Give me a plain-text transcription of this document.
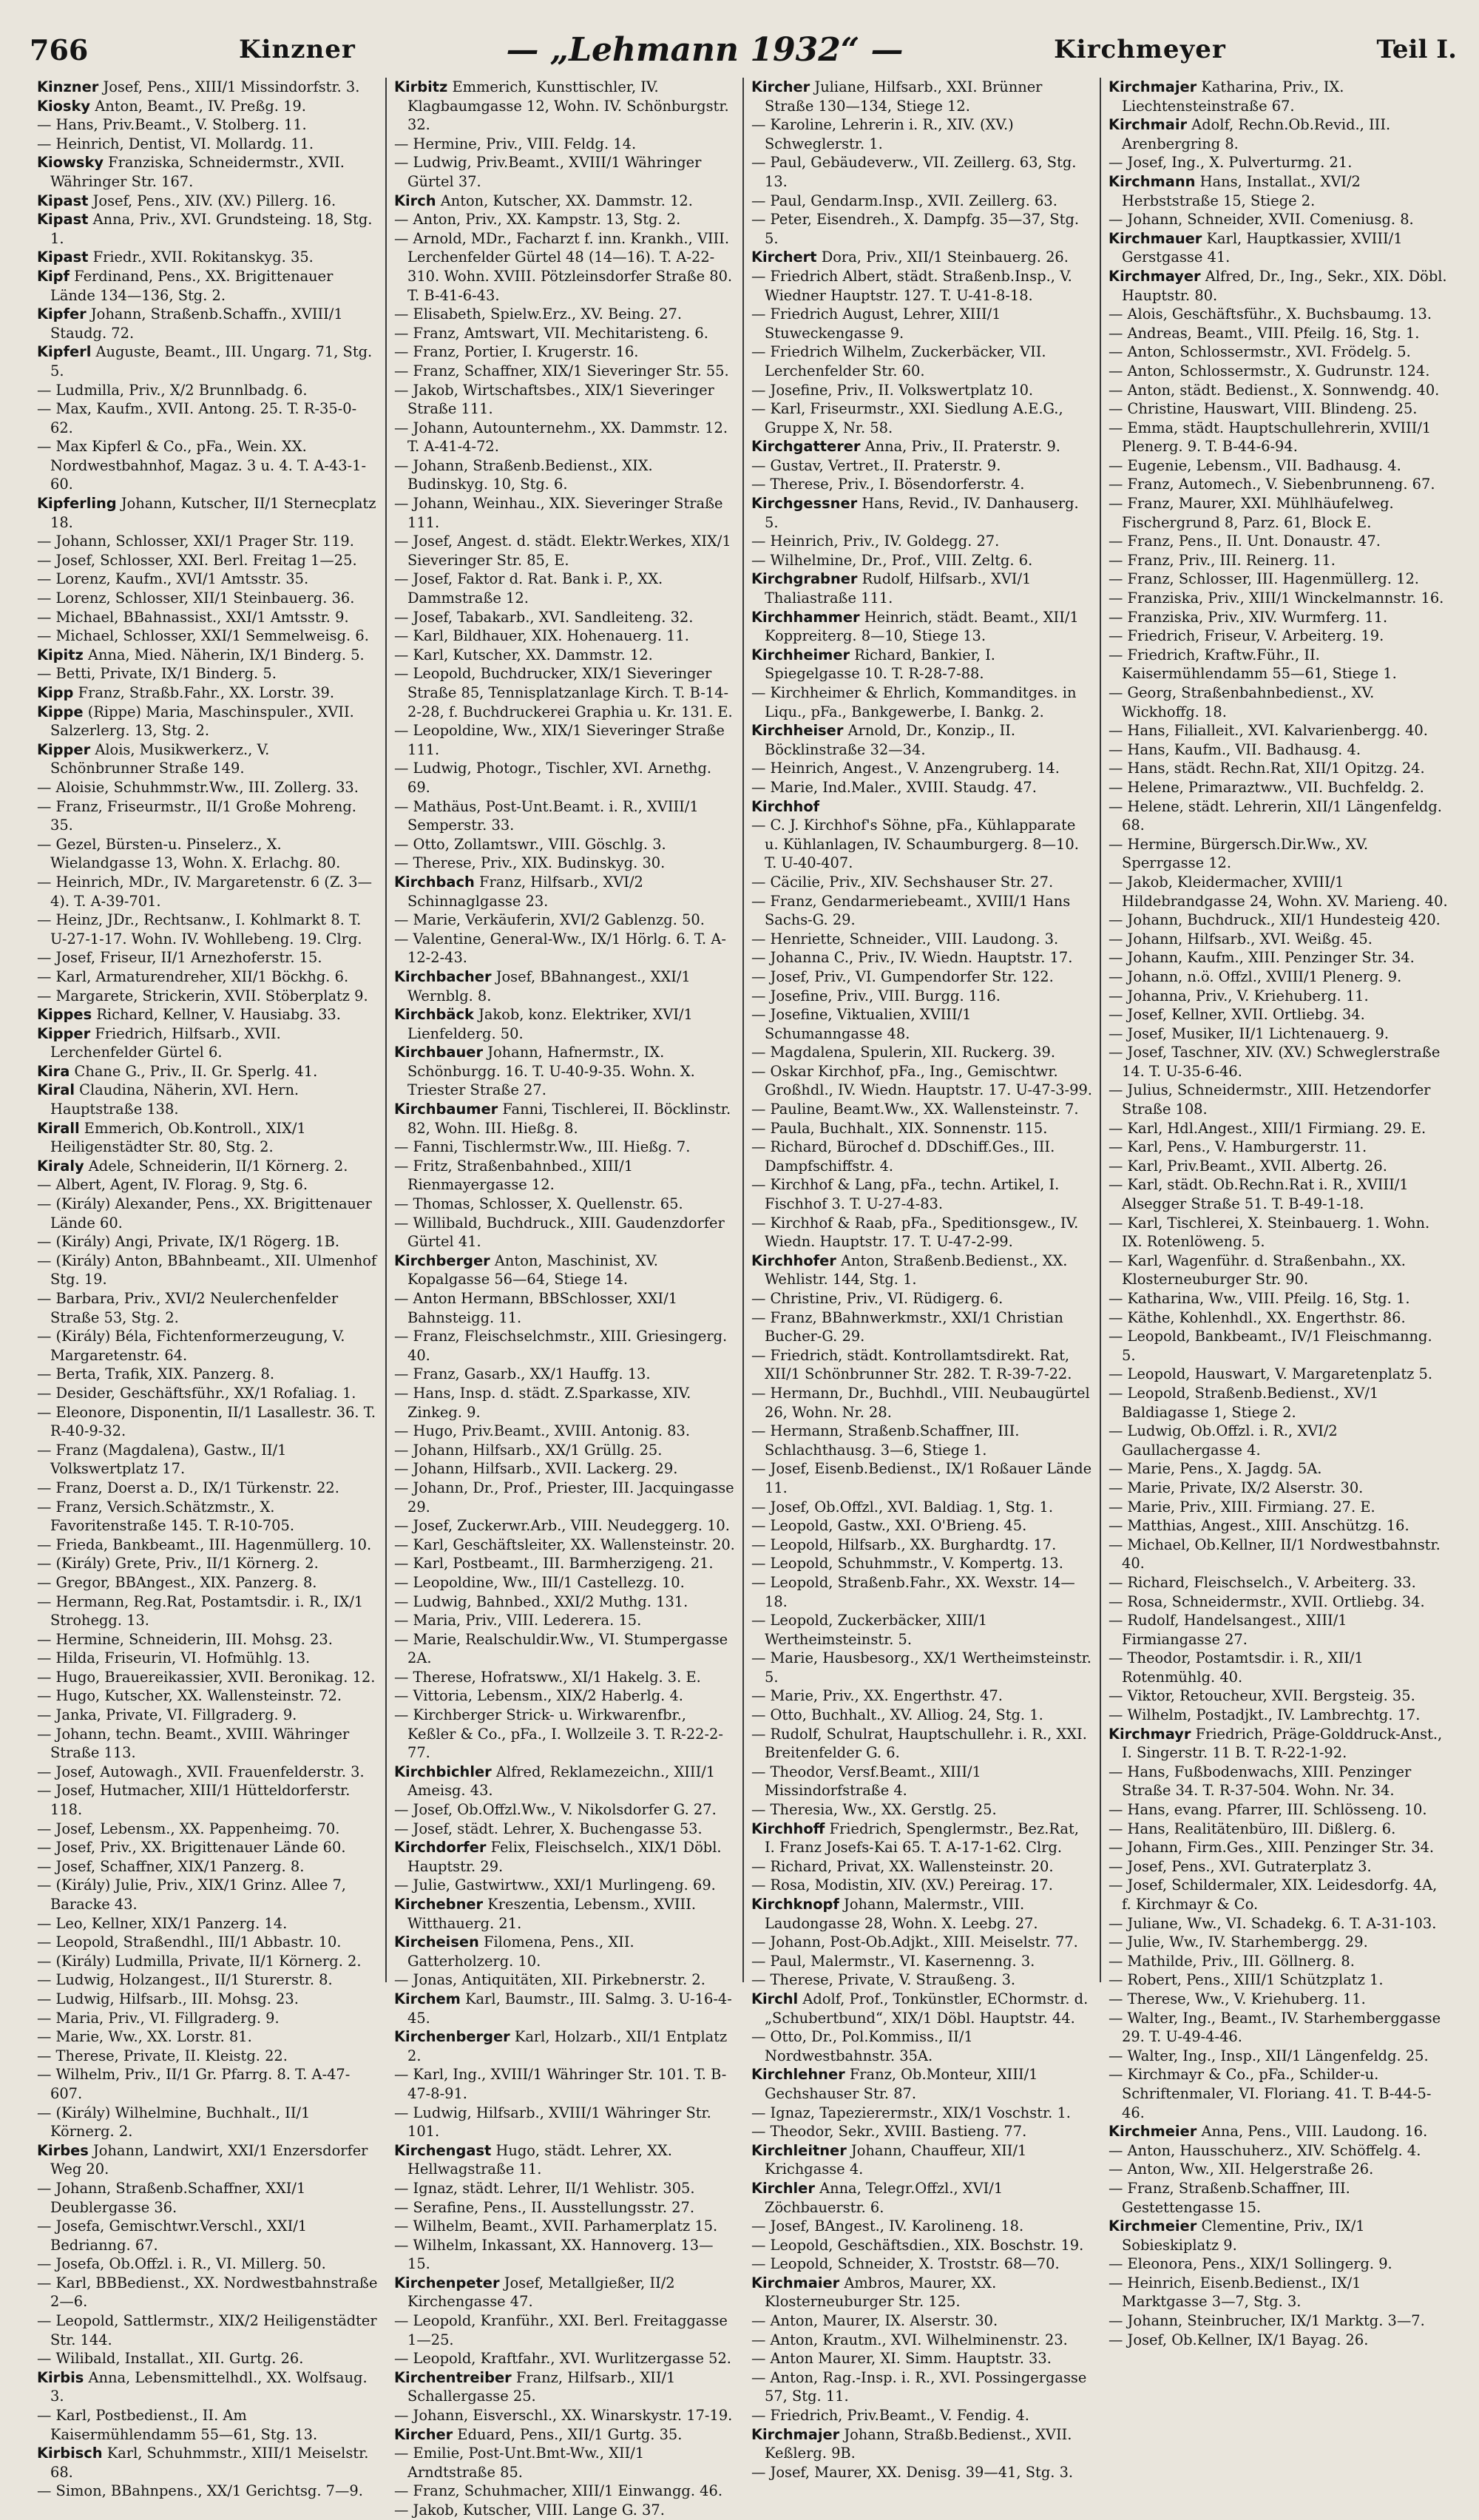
766	Kinzner	— „Lehmann 1932“ —	Kirchmeyer	Teil I.

Kinzner Josef, Pens., XIII/1 Missindorfstr. 3.

Kiosky Anton, Beamt., IV. Preßg. 19.

— Hans, Priv.Beamt., V. Stolberg. 11.

— Heinrich, Dentist, VI. Mollardg. 11.

Kiowsky Franziska, Schneidermstr., XVII. Währinger Str. 167.

Kipast Josef, Pens., XIV. (XV.) Pillerg. 16.

Kipast Anna, Priv., XVI. Grundsteing. 18, Stg. 1.

Kipast Friedr., XVII. Rokitanskyg. 35.

Kipf Ferdinand, Pens., XX. Brigittenauer Lände 134—136, Stg. 2.

Kipfer Johann, Straßenb.Schaffn., XVIII/1 Staudg. 72.

Kipferl Auguste, Beamt., III. Ungarg. 71, Stg. 5.

— Ludmilla, Priv., X/2 Brunnlbadg. 6.

— Max, Kaufm., XVII. Antong. 25. T. R-35-0-62.

— Max Kipferl & Co., pFa., Wein. XX. Nordwestbahnhof, Magaz. 3 u. 4. T. A-43-1-60.

Kipferling Johann, Kutscher, II/1 Sternecplatz 18.

— Johann, Schlosser, XXI/1 Prager Str. 119.

— Josef, Schlosser, XXI. Berl. Freitag 1—25.

— Lorenz, Kaufm., XVI/1 Amtsstr. 35.

— Lorenz, Schlosser, XII/1 Steinbauerg. 36.

— Michael, BBahnassist., XXI/1 Amtsstr. 9.

— Michael, Schlosser, XXI/1 Semmelweisg. 6.

Kipitz Anna, Mied. Näherin, IX/1 Binderg. 5.

— Betti, Private, IX/1 Binderg. 5.

Kipp Franz, Straßb.Fahr., XX. Lorstr. 39.

Kippe (Rippe) Maria, Maschinspuler., XVII. Salzerlerg. 13, Stg. 2.

Kipper Alois, Musikwerkerz., V. Schönbrunner Straße 149.

— Aloisie, Schuhmmstr.Ww., III. Zollerg. 33.

— Franz, Friseurmstr., II/1 Große Mohreng. 35.

— Gezel, Bürsten-u. Pinselerz., X. Wielandgasse 13, Wohn. X. Erlachg. 80.

— Heinrich, MDr., IV. Margaretenstr. 6 (Z. 3—4). T. A-39-701.

— Heinz, JDr., Rechtsanw., I. Kohlmarkt 8. T. U-27-1-17. Wohn. IV. Wohllebeng. 19. Clrg.

— Josef, Friseur, II/1 Arnezhoferstr. 15.

— Karl, Armaturendreher, XII/1 Böckhg. 6.

— Margarete, Strickerin, XVII. Stöberplatz 9.

Kippes Richard, Kellner, V. Hausiabg. 33.

Kipper Friedrich, Hilfsarb., XVII. Lerchenfelder Gürtel 6.

Kira Chane G., Priv., II. Gr. Sperlg. 41.

Kiral Claudina, Näherin, XVI. Hern. Hauptstraße 138.

Kirall Emmerich, Ob.Kontroll., XIX/1 Heiligenstädter Str. 80, Stg. 2.

Kiraly Adele, Schneiderin, II/1 Körnerg. 2.

— Albert, Agent, IV. Florag. 9, Stg. 6.

— (Király) Alexander, Pens., XX. Brigittenauer Lände 60.

— (Király) Angi, Private, IX/1 Rögerg. 1B.

— (Király) Anton, BBahnbeamt., XII. Ulmenhof Stg. 19.

— Barbara, Priv., XVI/2 Neulerchenfelder Straße 53, Stg. 2.

— (Király) Béla, Fichtenformerzeugung, V. Margaretenstr. 64.

— Berta, Trafik, XIX. Panzerg. 8.

— Desider, Geschäftsführ., XX/1 Rofaliag. 1.

— Eleonore, Disponentin, II/1 Lasallestr. 36. T. R-40-9-32.

— Franz (Magdalena), Gastw., II/1 Volkswertplatz 17.

— Franz, Doerst a. D., IX/1 Türkenstr. 22.

— Franz, Versich.Schätzmstr., X. Favoritenstraße 145. T. R-10-705.

— Frieda, Bankbeamt., III. Hagenmüllerg. 10.

— (Király) Grete, Priv., II/1 Körnerg. 2.

— Gregor, BBAngest., XIX. Panzerg. 8.

— Hermann, Reg.Rat, Postamtsdir. i. R., IX/1 Strohegg. 13.

— Hermine, Schneiderin, III. Mohsg. 23.

— Hilda, Friseurin, VI. Hofmühlg. 13.

— Hugo, Brauereikassier, XVII. Beronikag. 12.

— Hugo, Kutscher, XX. Wallensteinstr. 72.

— Janka, Private, VI. Fillgraderg. 9.

— Johann, techn. Beamt., XVIII. Währinger Straße 113.

— Josef, Autowagh., XVII. Frauenfelderstr. 3.

— Josef, Hutmacher, XIII/1 Hütteldorferstr. 118.

— Josef, Lebensm., XX. Pappenheimg. 70.

— Josef, Priv., XX. Brigittenauer Lände 60.

— Josef, Schaffner, XIX/1 Panzerg. 8.

— (Király) Julie, Priv., XIX/1 Grinz. Allee 7, Baracke 43.

— Leo, Kellner, XIX/1 Panzerg. 14.

— Leopold, Straßendhl., III/1 Abbastr. 10.

— (Király) Ludmilla, Private, II/1 Körnerg. 2.

— Ludwig, Holzangest., II/1 Sturerstr. 8.

— Ludwig, Hilfsarb., III. Mohsg. 23.

— Maria, Priv., VI. Fillgraderg. 9.

— Marie, Ww., XX. Lorstr. 81.

— Therese, Private, II. Kleistg. 22.

— Wilhelm, Priv., II/1 Gr. Pfarrg. 8. T. A-47-607.

— (Király) Wilhelmine, Buchhalt., II/1 Körnerg. 2.

Kirbes Johann, Landwirt, XXI/1 Enzersdorfer Weg 20.

— Johann, Straßenb.Schaffner, XXI/1 Deublergasse 36.

— Josefa, Gemischtwr.Verschl., XXI/1 Bedrianng. 67.

— Josefa, Ob.Offzl. i. R., VI. Millerg. 50.

— Karl, BBBedienst., XX. Nordwestbahnstraße 2—6.

— Leopold, Sattlermstr., XIX/2 Heiligenstädter Str. 144.

— Wilibald, Installat., XII. Gurtg. 26.

Kirbis Anna, Lebensmittelhdl., XX. Wolfsaug. 3.

— Karl, Postbedienst., II. Am Kaisermühlendamm 55—61, Stg. 13.

Kirbisch Karl, Schuhmmstr., XIII/1 Meiselstr. 68.

— Simon, BBahnpens., XX/1 Gerichtsg. 7—9.

Kirbitz Emmerich, Kunsttischler, IV. Klagbaumgasse 12, Wohn. IV. Schönburgstr. 32.

— Hermine, Priv., VIII. Feldg. 14.

— Ludwig, Priv.Beamt., XVIII/1 Währinger Gürtel 37.

Kirch Anton, Kutscher, XX. Dammstr. 12.

— Anton, Priv., XX. Kampstr. 13, Stg. 2.

— Arnold, MDr., Facharzt f. inn. Krankh., VIII. Lerchenfelder Gürtel 48 (14—16). T. A-22-310. Wohn. XVIII. Pötzleinsdorfer Straße 80. T. B-41-6-43.

— Elisabeth, Spielw.Erz., XV. Being. 27.

— Franz, Amtswart, VII. Mechitaristeng. 6.

— Franz, Portier, I. Krugerstr. 16.

— Franz, Schaffner, XIX/1 Sieveringer Str. 55.

— Jakob, Wirtschaftsbes., XIX/1 Sieveringer Straße 111.

— Johann, Autounternehm., XX. Dammstr. 12. T. A-41-4-72.

— Johann, Straßenb.Bedienst., XIX. Budinskyg. 10, Stg. 6.

— Johann, Weinhau., XIX. Sieveringer Straße 111.

— Josef, Angest. d. städt. Elektr.Werkes, XIX/1 Sieveringer Str. 85, E.

— Josef, Faktor d. Rat. Bank i. P., XX. Dammstraße 12.

— Josef, Tabakarb., XVI. Sandleiteng. 32.

— Karl, Bildhauer, XIX. Hohenauerg. 11.

— Karl, Kutscher, XX. Dammstr. 12.

— Leopold, Buchdrucker, XIX/1 Sieveringer Straße 85, Tennisplatzanlage Kirch. T. B-14-2-28, f. Buchdruckerei Graphia u. Kr. 131. E.

— Leopoldine, Ww., XIX/1 Sieveringer Straße 111.

— Ludwig, Photogr., Tischler, XVI. Arnethg. 69.

— Mathäus, Post-Unt.Beamt. i. R., XVIII/1 Semperstr. 33.

— Otto, Zollamtswr., VIII. Göschlg. 3.

— Therese, Priv., XIX. Budinskyg. 30.

Kirchbach Franz, Hilfsarb., XVI/2 Schinnaglgasse 23.

— Marie, Verkäuferin, XVI/2 Gablenzg. 50.

— Valentine, General-Ww., IX/1 Hörlg. 6. T. A-12-2-43.

Kirchbacher Josef, BBahnangest., XXI/1 Wernblg. 8.

Kirchbäck Jakob, konz. Elektriker, XVI/1 Lienfelderg. 50.

Kirchbauer Johann, Hafnermstr., IX. Schönburgg. 16. T. U-40-9-35. Wohn. X. Triester Straße 27.

Kirchbaumer Fanni, Tischlerei, II. Böcklinstr. 82, Wohn. III. Hießg. 8.

— Fanni, Tischlermstr.Ww., III. Hießg. 7.

— Fritz, Straßenbahnbed., XIII/1 Rienmayergasse 12.

— Thomas, Schlosser, X. Quellenstr. 65.

— Willibald, Buchdruck., XIII. Gaudenzdorfer Gürtel 41.

Kirchberger Anton, Maschinist, XV. Kopalgasse 56—64, Stiege 14.

— Anton Hermann, BBSchlosser, XXI/1 Bahnsteigg. 11.

— Franz, Fleischselchmstr., XIII. Griesingerg. 40.

— Franz, Gasarb., XX/1 Hauffg. 13.

— Hans, Insp. d. städt. Z.Sparkasse, XIV. Zinkeg. 9.

— Hugo, Priv.Beamt., XVIII. Antonig. 83.

— Johann, Hilfsarb., XX/1 Grüllg. 25.

— Johann, Hilfsarb., XVII. Lackerg. 29.

— Johann, Dr., Prof., Priester, III. Jacquingasse 29.

— Josef, Zuckerwr.Arb., VIII. Neudeggerg. 10.

— Karl, Geschäftsleiter, XX. Wallensteinstr. 20.

— Karl, Postbeamt., III. Barmherzigeng. 21.

— Leopoldine, Ww., III/1 Castellezg. 10.

— Ludwig, Bahnbed., XXI/2 Muthg. 131.

— Maria, Priv., VIII. Lederera. 15.

— Marie, Realschuldir.Ww., VI. Stumpergasse 2A.

— Therese, Hofratsww., XI/1 Hakelg. 3. E.

— Vittoria, Lebensm., XIX/2 Haberlg. 4.

— Kirchberger Strick- u. Wirkwarenfbr., Keßler & Co., pFa., I. Wollzeile 3. T. R-22-2-77.

Kirchbichler Alfred, Reklamezeichn., XIII/1 Ameisg. 43.

— Josef, Ob.Offzl.Ww., V. Nikolsdorfer G. 27.

— Josef, städt. Lehrer, X. Buchengasse 53.

Kirchdorfer Felix, Fleischselch., XIX/1 Döbl. Hauptstr. 29.

— Julie, Gastwirtww., XXI/1 Murlingeng. 69.

Kirchebner Kreszentia, Lebensm., XVIII. Witthauerg. 21.

Kircheisen Filomena, Pens., XII. Gatterholzerg. 10.

— Jonas, Antiquitäten, XII. Pirkebnerstr. 2.

Kirchem Karl, Baumstr., III. Salmg. 3. U-16-4-45.

Kirchenberger Karl, Holzarb., XII/1 Entplatz 2.

— Karl, Ing., XVIII/1 Währinger Str. 101. T. B-47-8-91.

— Ludwig, Hilfsarb., XVIII/1 Währinger Str. 101.

Kirchengast Hugo, städt. Lehrer, XX. Hellwagstraße 11.

— Ignaz, städt. Lehrer, II/1 Wehlistr. 305.

— Serafine, Pens., II. Ausstellungsstr. 27.

— Wilhelm, Beamt., XVII. Parhamerplatz 15.

— Wilhelm, Inkassant, XX. Hannoverg. 13—15.

Kirchenpeter Josef, Metallgießer, II/2 Kirchengasse 47.

— Leopold, Kranführ., XXI. Berl. Freitaggasse 1—25.

— Leopold, Kraftfahr., XVI. Wurlitzergasse 52.

Kirchentreiber Franz, Hilfsarb., XII/1 Schallergasse 25.

— Johann, Eisverschl., XX. Winarskystr. 17-19.

Kircher Eduard, Pens., XII/1 Gurtg. 35.

— Emilie, Post-Unt.Bmt-Ww., XII/1 Arndtstraße 85.

— Franz, Schuhmacher, XIII/1 Einwangg. 46.

— Jakob, Kutscher, VIII. Lange G. 37.

Kircher Juliane, Hilfsarb., XXI. Brünner Straße 130—134, Stiege 12.

— Karoline, Lehrerin i. R., XIV. (XV.) Schweglerstr. 1.

— Paul, Gebäudeverw., VII. Zeillerg. 63, Stg. 13.

— Paul, Gendarm.Insp., XVII. Zeillerg. 63.

— Peter, Eisendreh., X. Dampfg. 35—37, Stg. 5.

Kirchert Dora, Priv., XII/1 Steinbauerg. 26.

— Friedrich Albert, städt. Straßenb.Insp., V. Wiedner Hauptstr. 127. T. U-41-8-18.

— Friedrich August, Lehrer, XIII/1 Stuweckengasse 9.

— Friedrich Wilhelm, Zuckerbäcker, VII. Lerchenfelder Str. 60.

— Josefine, Priv., II. Volkswertplatz 10.

— Karl, Friseurmstr., XXI. Siedlung A.E.G., Gruppe X, Nr. 58.

Kirchgatterer Anna, Priv., II. Praterstr. 9.

— Gustav, Vertret., II. Praterstr. 9.

— Therese, Priv., I. Bösendorferstr. 4.

Kirchgessner Hans, Revid., IV. Danhauserg. 5.

— Heinrich, Priv., IV. Goldegg. 27.

— Wilhelmine, Dr., Prof., VIII. Zeltg. 6.

Kirchgrabner Rudolf, Hilfsarb., XVI/1 Thaliastraße 111.

Kirchhammer Heinrich, städt. Beamt., XII/1 Koppreiterg. 8—10, Stiege 13.

Kirchheimer Richard, Bankier, I. Spiegelgasse 10. T. R-28-7-88.

— Kirchheimer & Ehrlich, Kommanditges. in Liqu., pFa., Bankgewerbe, I. Bankg. 2.

Kirchheiser Arnold, Dr., Konzip., II. Böcklinstraße 32—34.

— Heinrich, Angest., V. Anzengruberg. 14.

— Marie, Ind.Maler., XVIII. Staudg. 47.

Kirchhof

— C. J. Kirchhof's Söhne, pFa., Kühlapparate u. Kühlanlagen, IV. Schaumburgerg. 8—10. T. U-40-407.

— Cäcilie, Priv., XIV. Sechshauser Str. 27.

— Franz, Gendarmeriebeamt., XVIII/1 Hans Sachs-G. 29.

— Henriette, Schneider., VIII. Laudong. 3.

— Johanna C., Priv., IV. Wiedn. Hauptstr. 17.

— Josef, Priv., VI. Gumpendorfer Str. 122.

— Josefine, Priv., VIII. Burgg. 116.

— Josefine, Viktualien, XVIII/1 Schumanngasse 48.

— Magdalena, Spulerin, XII. Ruckerg. 39.

— Oskar Kirchhof, pFa., Ing., Gemischtwr. Großhdl., IV. Wiedn. Hauptstr. 17. U-47-3-99.

— Pauline, Beamt.Ww., XX. Wallensteinstr. 7.

— Paula, Buchhalt., XIX. Sonnenstr. 115.

— Richard, Bürochef d. DDschiff.Ges., III. Dampfschiffstr. 4.

— Kirchhof & Lang, pFa., techn. Artikel, I. Fischhof 3. T. U-27-4-83.

— Kirchhof & Raab, pFa., Speditionsgew., IV. Wiedn. Hauptstr. 17. T. U-47-2-99.

Kirchhofer Anton, Straßenb.Bedienst., XX. Wehlistr. 144, Stg. 1.

— Christine, Priv., VI. Rüdigerg. 6.

— Franz, BBahnwerkmstr., XXI/1 Christian Bucher-G. 29.

— Friedrich, städt. Kontrollamtsdirekt. Rat, XII/1 Schönbrunner Str. 282. T. R-39-7-22.

— Hermann, Dr., Buchhdl., VIII. Neubaugürtel 26, Wohn. Nr. 28.

— Hermann, Straßenb.Schaffner, III. Schlachthausg. 3—6, Stiege 1.

— Josef, Eisenb.Bedienst., IX/1 Roßauer Lände 11.

— Josef, Ob.Offzl., XVI. Baldiag. 1, Stg. 1.

— Leopold, Gastw., XXI. O'Brieng. 45.

— Leopold, Hilfsarb., XX. Burghardtg. 17.

— Leopold, Schuhmmstr., V. Kompertg. 13.

— Leopold, Straßenb.Fahr., XX. Wexstr. 14—18.

— Leopold, Zuckerbäcker, XIII/1 Wertheimsteinstr. 5.

— Marie, Hausbesorg., XX/1 Wertheimsteinstr. 5.

— Marie, Priv., XX. Engerthstr. 47.

— Otto, Buchhalt., XV. Alliog. 24, Stg. 1.

— Rudolf, Schulrat, Hauptschullehr. i. R., XXI. Breitenfelder G. 6.

— Theodor, Versf.Beamt., XIII/1 Missindorfstraße 4.

— Theresia, Ww., XX. Gerstlg. 25.

Kirchhoff Friedrich, Spenglermstr., Bez.Rat, I. Franz Josefs-Kai 65. T. A-17-1-62. Clrg.

— Richard, Privat, XX. Wallensteinstr. 20.

— Rosa, Modistin, XIV. (XV.) Pereirag. 17.

Kirchknopf Johann, Malermstr., VIII. Laudongasse 28, Wohn. X. Leebg. 27.

— Johann, Post-Ob.Adjkt., XIII. Meiselstr. 77.

— Paul, Malermstr., VI. Kasernenng. 3.

— Therese, Private, V. Straußeng. 3.

Kirchl Adolf, Prof., Tonkünstler, EChormstr. d. „Schubertbund“, XIX/1 Döbl. Hauptstr. 44.

— Otto, Dr., Pol.Kommiss., II/1 Nordwestbahnstr. 35A.

Kirchlehner Franz, Ob.Monteur, XIII/1 Gechshauser Str. 87.

— Ignaz, Tapezierermstr., XIX/1 Voschstr. 1.

— Theodor, Sekr., XVIII. Bastieng. 77.

Kirchleitner Johann, Chauffeur, XII/1 Krichgasse 4.

Kirchler Anna, Telegr.Offzl., XVI/1 Zöchbauerstr. 6.

— Josef, BAngest., IV. Karolineng. 18.

— Leopold, Geschäftsdien., XIX. Boschstr. 19.

— Leopold, Schneider, X. Troststr. 68—70.

Kirchmaier Ambros, Maurer, XX. Klosterneuburger Str. 125.

— Anton, Maurer, IX. Alserstr. 30.

— Anton, Krautm., XVI. Wilhelminenstr. 23.

— Anton Maurer, XI. Simm. Hauptstr. 33.

— Anton, Rag.-Insp. i. R., XVI. Possingergasse 57, Stg. 11.

— Friedrich, Priv.Beamt., V. Fendig. 4.

Kirchmajer Johann, Straßb.Bedienst., XVII. Keßlerg. 9B.

— Josef, Maurer, XX. Denisg. 39—41, Stg. 3.

Kirchmajer Katharina, Priv., IX. Liechtensteinstraße 67.

Kirchmair Adolf, Rechn.Ob.Revid., III. Arenbergring 8.

— Josef, Ing., X. Pulverturmg. 21.

Kirchmann Hans, Installat., XVI/2 Herbststraße 15, Stiege 2.

— Johann, Schneider, XVII. Comeniusg. 8.

Kirchmauer Karl, Hauptkassier, XVIII/1 Gerstgasse 41.

Kirchmayer Alfred, Dr., Ing., Sekr., XIX. Döbl. Hauptstr. 80.

— Alois, Geschäftsführ., X. Buchsbaumg. 13.

— Andreas, Beamt., VIII. Pfeilg. 16, Stg. 1.

— Anton, Schlossermstr., XVI. Frödelg. 5.

— Anton, Schlossermstr., X. Gudrunstr. 124.

— Anton, städt. Bedienst., X. Sonnwendg. 40.

— Christine, Hauswart, VIII. Blindeng. 25.

— Emma, städt. Hauptschullehrerin, XVIII/1 Plenerg. 9. T. B-44-6-94.

— Eugenie, Lebensm., VII. Badhausg. 4.

— Franz, Automech., V. Siebenbrunneng. 67.

— Franz, Maurer, XXI. Mühlhäufelweg. Fischergrund 8, Parz. 61, Block E.

— Franz, Pens., II. Unt. Donaustr. 47.

— Franz, Priv., III. Reinerg. 11.

— Franz, Schlosser, III. Hagenmüllerg. 12.

— Franziska, Priv., XIII/1 Winckelmannstr. 16.

— Franziska, Priv., XIV. Wurmferg. 11.

— Friedrich, Friseur, V. Arbeiterg. 19.

— Friedrich, Kraftw.Führ., II. Kaisermühlendamm 55—61, Stiege 1.

— Georg, Straßenbahnbedienst., XV. Wickhoffg. 18.

— Hans, Filialleit., XVI. Kalvarienbergg. 40.

— Hans, Kaufm., VII. Badhausg. 4.

— Hans, städt. Rechn.Rat, XII/1 Opitzg. 24.

— Helene, Primaraztww., VII. Buchfeldg. 2.

— Helene, städt. Lehrerin, XII/1 Längenfeldg. 68.

— Hermine, Bürgersch.Dir.Ww., XV. Sperrgasse 12.

— Jakob, Kleidermacher, XVIII/1 Hildebrandgasse 24, Wohn. XV. Marieng. 40.

— Johann, Buchdruck., XII/1 Hundesteig 420.

— Johann, Hilfsarb., XVI. Weißg. 45.

— Johann, Kaufm., XIII. Penzinger Str. 34.

— Johann, n.ö. Offzl., XVIII/1 Plenerg. 9.

— Johanna, Priv., V. Kriehuberg. 11.

— Josef, Kellner, XVII. Ortliebg. 34.

— Josef, Musiker, II/1 Lichtenauerg. 9.

— Josef, Taschner, XIV. (XV.) Schweglerstraße 14. T. U-35-6-46.

— Julius, Schneidermstr., XIII. Hetzendorfer Straße 108.

— Karl, Hdl.Angest., XIII/1 Firmiang. 29. E.

— Karl, Pens., V. Hamburgerstr. 11.

— Karl, Priv.Beamt., XVII. Albertg. 26.

— Karl, städt. Ob.Rechn.Rat i. R., XVIII/1 Alsegger Straße 51. T. B-49-1-18.

— Karl, Tischlerei, X. Steinbauerg. 1. Wohn. IX. Rotenlöweng. 5.

— Karl, Wagenführ. d. Straßenbahn., XX. Klosterneuburger Str. 90.

— Katharina, Ww., VIII. Pfeilg. 16, Stg. 1.

— Käthe, Kohlenhdl., XX. Engerthstr. 86.

— Leopold, Bankbeamt., IV/1 Fleischmanng. 5.

— Leopold, Hauswart, V. Margaretenplatz 5.

— Leopold, Straßenb.Bedienst., XV/1 Baldiagasse 1, Stiege 2.

— Ludwig, Ob.Offzl. i. R., XVI/2 Gaullachergasse 4.

— Marie, Pens., X. Jagdg. 5A.

— Marie, Private, IX/2 Alserstr. 30.

— Marie, Priv., XIII. Firmiang. 27. E.

— Matthias, Angest., XIII. Anschützg. 16.

— Michael, Ob.Kellner, II/1 Nordwestbahnstr. 40.

— Richard, Fleischselch., V. Arbeiterg. 33.

— Rosa, Schneidermstr., XVII. Ortliebg. 34.

— Rudolf, Handelsangest., XIII/1 Firmiangasse 27.

— Theodor, Postamtsdir. i. R., XII/1 Rotenmühlg. 40.

— Viktor, Retoucheur, XVII. Bergsteig. 35.

— Wilhelm, Postadjkt., IV. Lambrechtg. 17.

Kirchmayr Friedrich, Präge-Golddruck-Anst., I. Singerstr. 11 B. T. R-22-1-92.

— Hans, Fußbodenwachs, XIII. Penzinger Straße 34. T. R-37-504. Wohn. Nr. 34.

— Hans, evang. Pfarrer, III. Schlösseng. 10.

— Hans, Realitätenbüro, III. Dißlerg. 6.

— Johann, Firm.Ges., XIII. Penzinger Str. 34.

— Josef, Pens., XVI. Gutraterplatz 3.

— Josef, Schildermaler, XIX. Leidesdorfg. 4A, f. Kirchmayr & Co.

— Juliane, Ww., VI. Schadekg. 6. T. A-31-103.

— Julie, Ww., IV. Starhembergg. 29.

— Mathilde, Priv., III. Göllnerg. 8.

— Robert, Pens., XIII/1 Schützplatz 1.

— Therese, Ww., V. Kriehuberg. 11.

— Walter, Ing., Beamt., IV. Starhemberggasse 29. T. U-49-4-46.

— Walter, Ing., Insp., XII/1 Längenfeldg. 25.

— Kirchmayr & Co., pFa., Schilder-u. Schriftenmaler, VI. Floriang. 41. T. B-44-5-46.

Kirchmeier Anna, Pens., VIII. Laudong. 16.

— Anton, Hausschuherz., XIV. Schöffelg. 4.

— Anton, Ww., XII. Helgerstraße 26.

— Franz, Straßenb.Schaffner, III. Gestettengasse 15.

Kirchmeier Clementine, Priv., IX/1 Sobieskiplatz 9.

— Eleonora, Pens., XIX/1 Sollingerg. 9.

— Heinrich, Eisenb.Bedienst., IX/1 Marktgasse 3—7, Stg. 3.

— Johann, Steinbrucher, IX/1 Marktg. 3—7.

— Josef, Ob.Kellner, IX/1 Bayag. 26.
